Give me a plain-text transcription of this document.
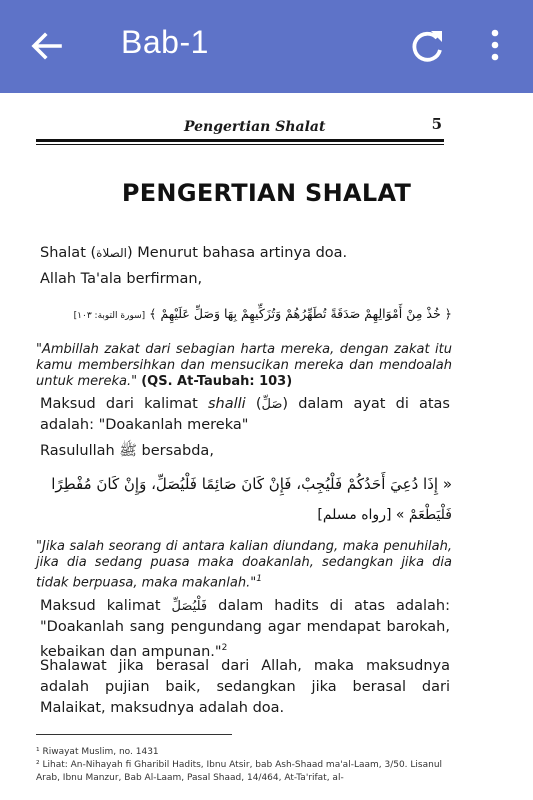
Bab-1
Pengertian Shalat	5
PENGERTIAN SHALAT
Shalat (الصلاة) Menurut bahasa artinya doa.
Allah Ta'ala berfirman,
﴿ خُذْ مِنْ أَمْوَالِهِمْ صَدَقَةً تُطَهِّرُهُمْ وَتُزَكِّيهِمْ بِهَا وَصَلِّ عَلَيْهِمْ ﴾ [سورة التوبة: ١٠٣]
"Ambillah zakat dari sebagian harta mereka, dengan zakat itu kamu membersihkan dan mensucikan mereka dan mendoalah untuk mereka." (QS. At-Taubah: 103)
Maksud dari kalimat shalli (صَلِّ) dalam ayat di atas adalah: "Doakanlah mereka"
Rasulullah ﷺ bersabda,
« إِذَا دُعِيَ أَحَدُكُمْ فَلْيُجِبْ، فَإِنْ كَانَ صَائِمًا فَلْيُصَلِّ، وَإِنْ كَانَ مُفْطِرًا
فَلْيَطْعَمْ » [رواه مسلم]
"Jika salah seorang di antara kalian diundang, maka penuhilah, jika dia sedang puasa maka doakanlah, sedangkan jika dia tidak berpuasa, maka makanlah."$^1$
Maksud kalimat فَلْيُصَلِّ dalam hadits di atas adalah: "Doakanlah sang pengundang agar mendapat barokah, kebaikan dan ampunan."$^2$
Shalawat jika berasal dari Allah, maka maksudnya adalah pujian baik, sedangkan jika berasal dari Malaikat, maksudnya adalah doa.
¹ Riwayat Muslim, no. 1431
² Lihat: An-Nihayah fi Gharibil Hadits, Ibnu Atsir, bab Ash-Shaad ma'al-Laam, 3/50. Lisanul Arab, Ibnu Manzur, Bab Al-Laam, Pasal Shaad, 14/464, At-Ta'rifat, al-
